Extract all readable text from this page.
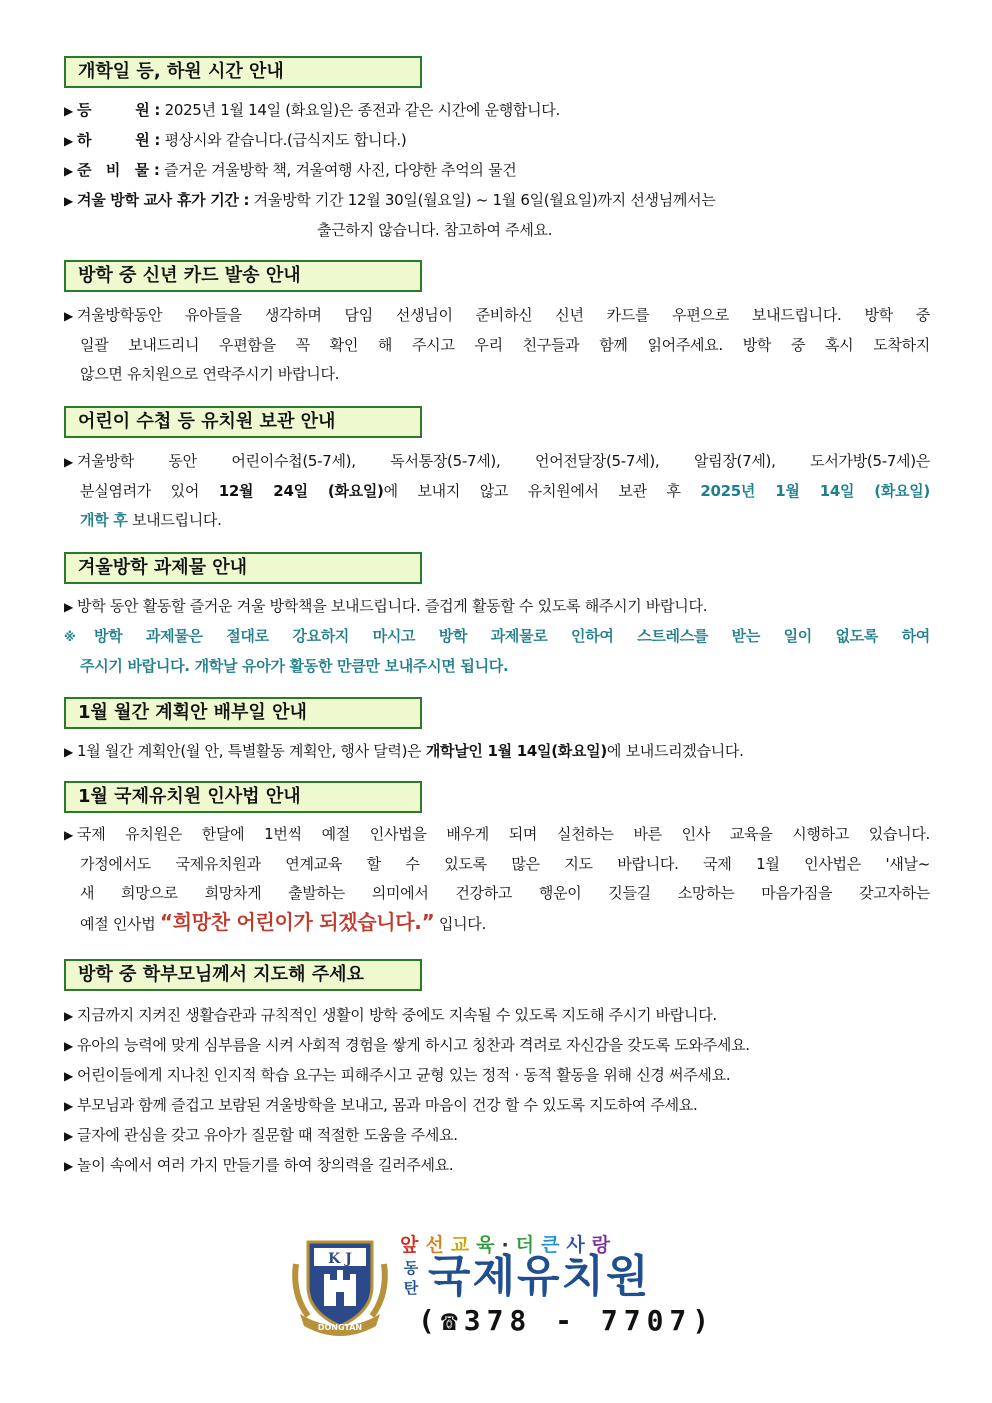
개학일 등, 하원 시간 안내
▶ 등　　　원 : 2025년 1월 14일 (화요일)은 종전과 같은 시간에 운행합니다.
▶ 하　　　원 : 평상시와 같습니다.(급식지도 합니다.)
▶ 준　비　물 : 즐거운 겨울방학 책, 겨울여행 사진, 다양한 추억의 물건
▶ 겨울 방학 교사 휴가 기간 : 겨울방학 기간 12월 30일(월요일) ~ 1월 6일(월요일)까지 선생님께서는
출근하지 않습니다. 참고하여 주세요.
방학 중 신년 카드 발송 안내
▶ 겨울방학동안 유아들을 생각하며 담임 선생님이 준비하신 신년 카드를 우편으로 보내드립니다. 방학 중
일괄 보내드리니 우편함을 꼭 확인 해 주시고 우리 친구들과 함께 읽어주세요. 방학 중 혹시 도착하지
않으면 유치원으로 연락주시기 바랍니다.
어린이 수첩 등 유치원 보관 안내
▶ 겨울방학 동안 어린이수첩(5-7세), 독서통장(5-7세), 언어전달장(5-7세), 알림장(7세), 도서가방(5-7세)은
분실염려가 있어 12월 24일 (화요일)에 보내지 않고 유치원에서 보관 후 2025년 1월 14일 (화요일)
개학 후 보내드립니다.
겨울방학 과제물 안내
▶ 방학 동안 활동할 즐거운 겨울 방학책을 보내드립니다. 즐겁게 활동할 수 있도록 해주시기 바랍니다.
※방학 과제물은 절대로 강요하지 마시고 방학 과제물로 인하여 스트레스를 받는 일이 없도록 하여
주시기 바랍니다. 개학날 유아가 활동한 만큼만 보내주시면 됩니다.
1월 월간 계획안 배부일 안내
▶ 1월 월간 계획안(월 안, 특별활동 계획안, 행사 달력)은 개학날인 1월 14일(화요일)에 보내드리겠습니다.
1월 국제유치원 인사법 안내
▶ 국제 유치원은 한달에 1번씩 예절 인사법을 배우게 되며 실천하는 바른 인사 교육을 시행하고 있습니다.
가정에서도 국제유치원과 연계교육 할 수 있도록 많은 지도 바랍니다. 국제 1월 인사법은 '새날~
새 희망으로 희망차게 출발하는 의미에서 건강하고 행운이 깃들길 소망하는 마음가짐을 갖고자하는
예절 인사법 “희망찬 어린이가 되겠습니다.” 입니다.
방학 중 학부모님께서 지도해 주세요
▶ 지금까지 지켜진 생활습관과 규칙적인 생활이 방학 중에도 지속될 수 있도록 지도해 주시기 바랍니다.
▶ 유아의 능력에 맞게 심부름을 시켜 사회적 경험을 쌓게 하시고 칭찬과 격려로 자신감을 갖도록 도와주세요.
▶ 어린이들에게 지나친 인지적 학습 요구는 피해주시고 균형 있는 정적 · 동적 활동을 위해 신경 써주세요.
▶ 부모님과 함께 즐겁고 보람된 겨울방학을 보내고, 몸과 마음이 건강 할 수 있도록 지도하여 주세요.
▶ 글자에 관심을 갖고 유아가 질문할 때 적절한 도움을 주세요.
▶ 놀이 속에서 여러 가지 만들기를 하여 창의력을 길러주세요.
K J
DONGTAN
앞선교육·더큰사랑
동
탄 국제유치원
(☎378 - 7707)
